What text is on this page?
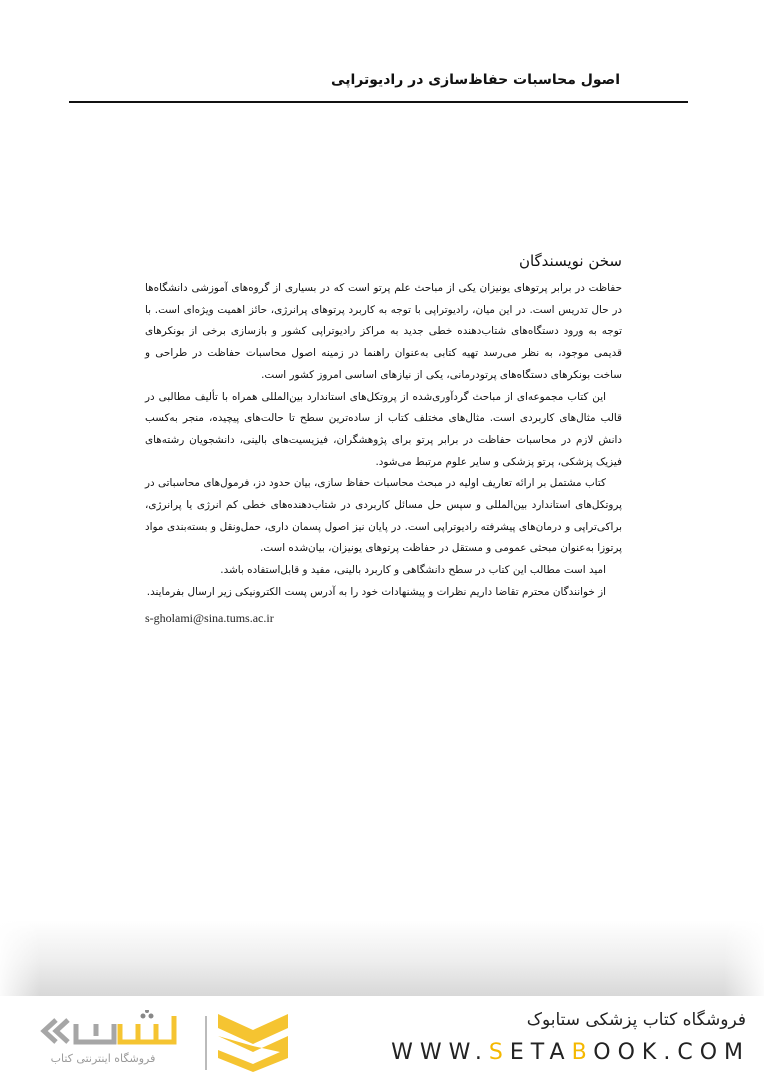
اصول محاسبات حفاظ‌سازی در رادیوتراپی
سخن نویسندگان

حفاظت در برابر پرتوهای یونیزان یکی از مباحث علم پرتو است که در بسیاری از گروه‌های آموزشی دانشگاه‌ها در حال تدریس است. در این میان، رادیوتراپی با توجه به کاربرد پرتوهای پرانرژی، حائز اهمیت ویژه‌ای است. با توجه به ورود دستگاه‌های شتاب‌دهنده خطی جدید به مراکز رادیوتراپی کشور و بازسازی برخی از بونکرهای قدیمی موجود، به نظر می‌رسد تهیه کتابی به‌عنوان راهنما در زمینه اصول محاسبات حفاظت در طراحی و ساخت بونکرهای دستگاه‌های پرتودرمانی، یکی از نیازهای اساسی امروز کشور است.

این کتاب مجموعه‌ای از مباحث گردآوری‌شده از پروتکل‌های استاندارد بین‌المللی همراه با تألیف مطالبی در قالب مثال‌های کاربردی است. مثال‌های مختلف کتاب از ساده‌ترین سطح تا حالت‌های پیچیده، منجر به‌کسب دانش لازم در محاسبات حفاظت در برابر پرتو برای پژوهشگران، فیزیسیت‌های بالینی، دانشجویان رشته‌های فیزیک پزشکی، پرتو پزشکی و سایر علوم مرتبط می‌شود.

کتاب مشتمل بر ارائه تعاریف اولیه در مبحث محاسبات حفاظ سازی، بیان حدود دز، فرمول‌های محاسباتی در پروتکل‌های استاندارد بین‌المللی و سپس حل مسائل کاربردی در شتاب‌دهنده‌های خطی کم انرژی یا پرانرژی، براکی‌تراپی و درمان‌های پیشرفته رادیوتراپی است. در پایان نیز اصول پسمان داری، حمل‌ونقل و بسته‌بندی مواد پرتوزا به‌عنوان مبحثی عمومی و مستقل در حفاظت پرتوهای یونیزان، بیان‌شده است.

امید است مطالب این کتاب در سطح دانشگاهی و کاربرد بالینی، مفید و قابل‌استفاده باشد.

از خوانندگان محترم تقاضا داریم نظرات و پیشنهادات خود را به آدرس پست الکترونیکی زیر ارسال بفرمایند.

s-gholami@sina.tums.ac.ir
فروشگاه اینترنتی کتاب
فروشگاه کتاب پزشکی ستابوک
WWW.SETABOOK.COM
